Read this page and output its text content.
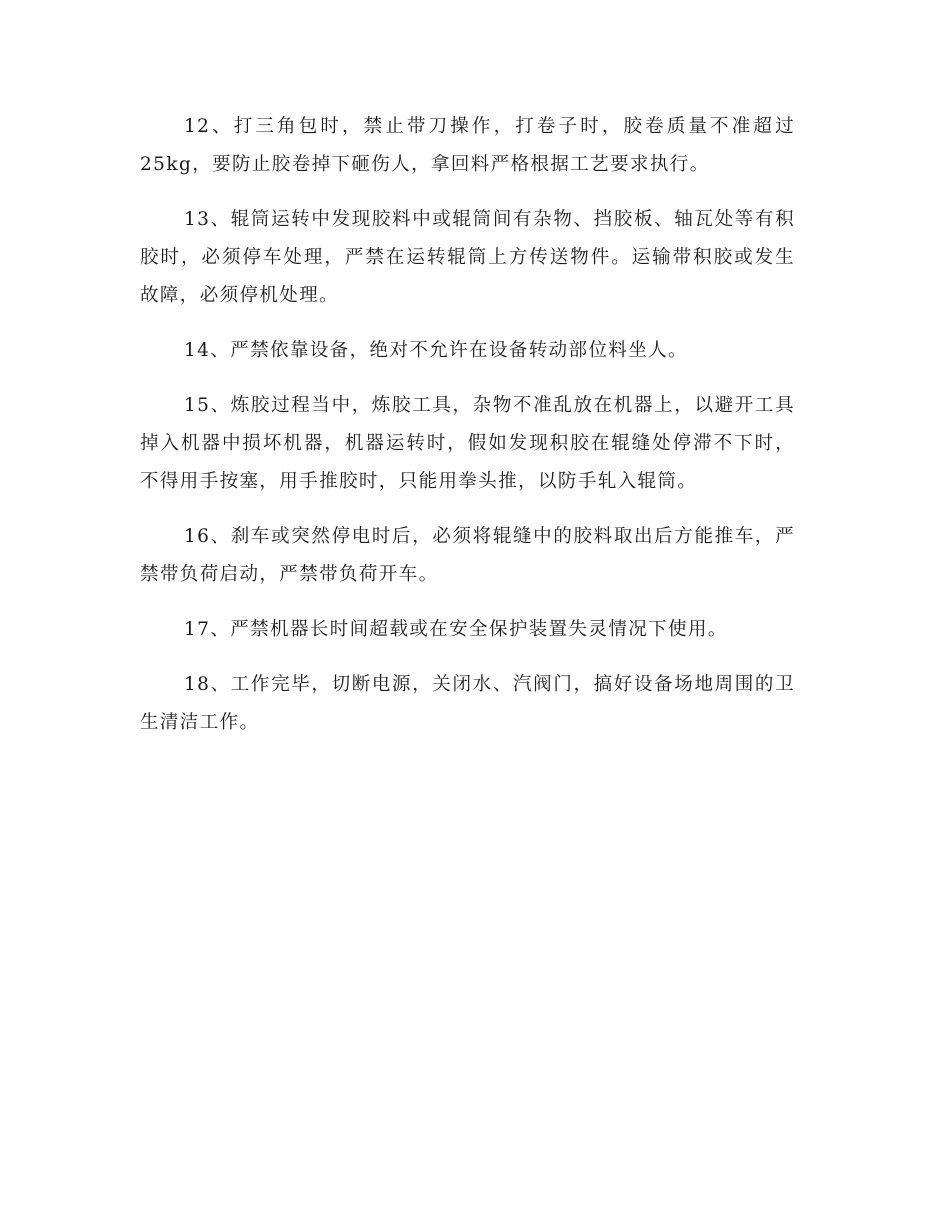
12、打三角包时，禁止带刀操作，打卷子时，胶卷质量不准超过25kg，要防止胶卷掉下砸伤人，拿回料严格根据工艺要求执行。

13、辊筒运转中发现胶料中或辊筒间有杂物、挡胶板、轴瓦处等有积胶时，必须停车处理，严禁在运转辊筒上方传送物件。运输带积胶或发生故障，必须停机处理。

14、严禁依靠设备，绝对不允许在设备转动部位料坐人。

15、炼胶过程当中，炼胶工具，杂物不准乱放在机器上，以避开工具掉入机器中损坏机器，机器运转时，假如发现积胶在辊缝处停滞不下时，不得用手按塞，用手推胶时，只能用拳头推，以防手轧入辊筒。

16、刹车或突然停电时后，必须将辊缝中的胶料取出后方能推车，严禁带负荷启动，严禁带负荷开车。

17、严禁机器长时间超载或在安全保护装置失灵情况下使用。

18、工作完毕，切断电源，关闭水、汽阀门，搞好设备场地周围的卫生清洁工作。
